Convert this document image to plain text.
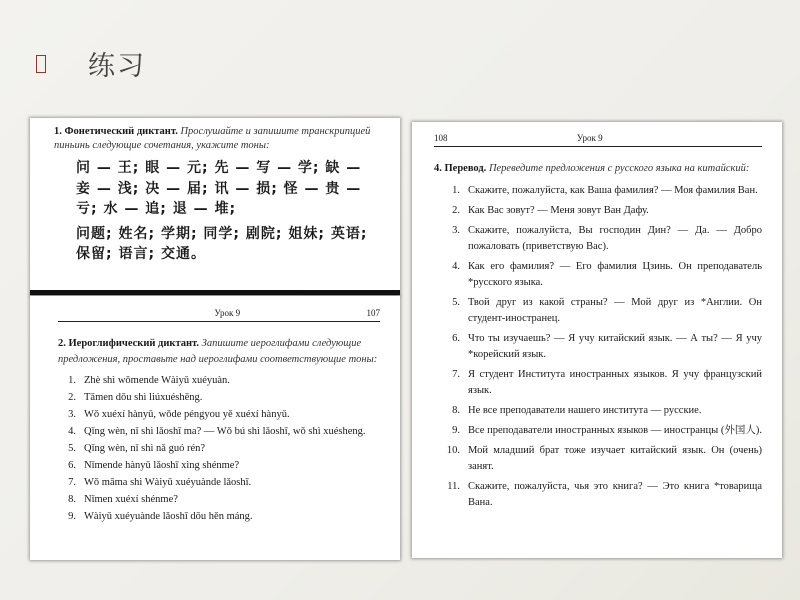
练习
1. Фонетический диктант. Прослушайте и запишите транскрипцией пиньинь следующие сочетания, укажите тоны:
问 — 王; 眼 — 元; 先 — 写 — 学; 缺 —
妾 — 浅; 决 — 届; 讯 — 损; 怪 — 贵 —
亏; 水 — 追; 退 — 堆;
问题; 姓名; 学期; 同学; 剧院; 姐妹; 英语;
保留; 语言; 交通。
Урок 9	107
2. Иероглифический диктант. Запишите иероглифами следующие предложения, проставьте над иероглифами соответствующие тоны:
1. Zhè shì wǒmende Wàiyǔ xuéyuàn.
2. Tāmen dōu shì liúxuéshēng.
3. Wǒ xuéxí hànyǔ, wǒde péngyou yě xuéxí hànyǔ.
4. Qǐng wèn, nǐ shì lǎoshī ma? — Wǒ bú shì lǎoshī, wǒ shì xuésheng.
5. Qǐng wèn, nǐ shì nǎ guó rén?
6. Nǐmende hànyǔ lǎoshī xìng shénme?
7. Wǒ māma shì Wàiyǔ xuéyuànde lǎoshī.
8. Nǐmen xuéxí shénme?
9. Wàiyǔ xuéyuànde lǎoshī dōu hěn máng.
108	Урок 9
4. Перевод. Переведите предложения с русского языка на китайский:
1. Скажите, пожалуйста, как Ваша фамилия? — Моя фамилия Ван.
2. Как Вас зовут? — Меня зовут Ван Дафу.
3. Скажите, пожалуйста, Вы господин Дин? — Да. — Добро пожаловать (приветствую Вас).
4. Как его фамилия? — Его фамилия Цзинь. Он преподаватель *русского языка.
5. Твой друг из какой страны? — Мой друг из *Англии. Он студент-иностранец.
6. Что ты изучаешь? — Я учу китайский язык. — А ты? — Я учу *корейский язык.
7. Я студент Института иностранных языков. Я учу французский язык.
8. Не все преподаватели нашего института — русские.
9. Все преподаватели иностранных языков — иностранцы (外国人).
10. Мой младший брат тоже изучает китайский язык. Он (очень) занят.
11. Скажите, пожалуйста, чья это книга? — Это книга *товарища Вана.
